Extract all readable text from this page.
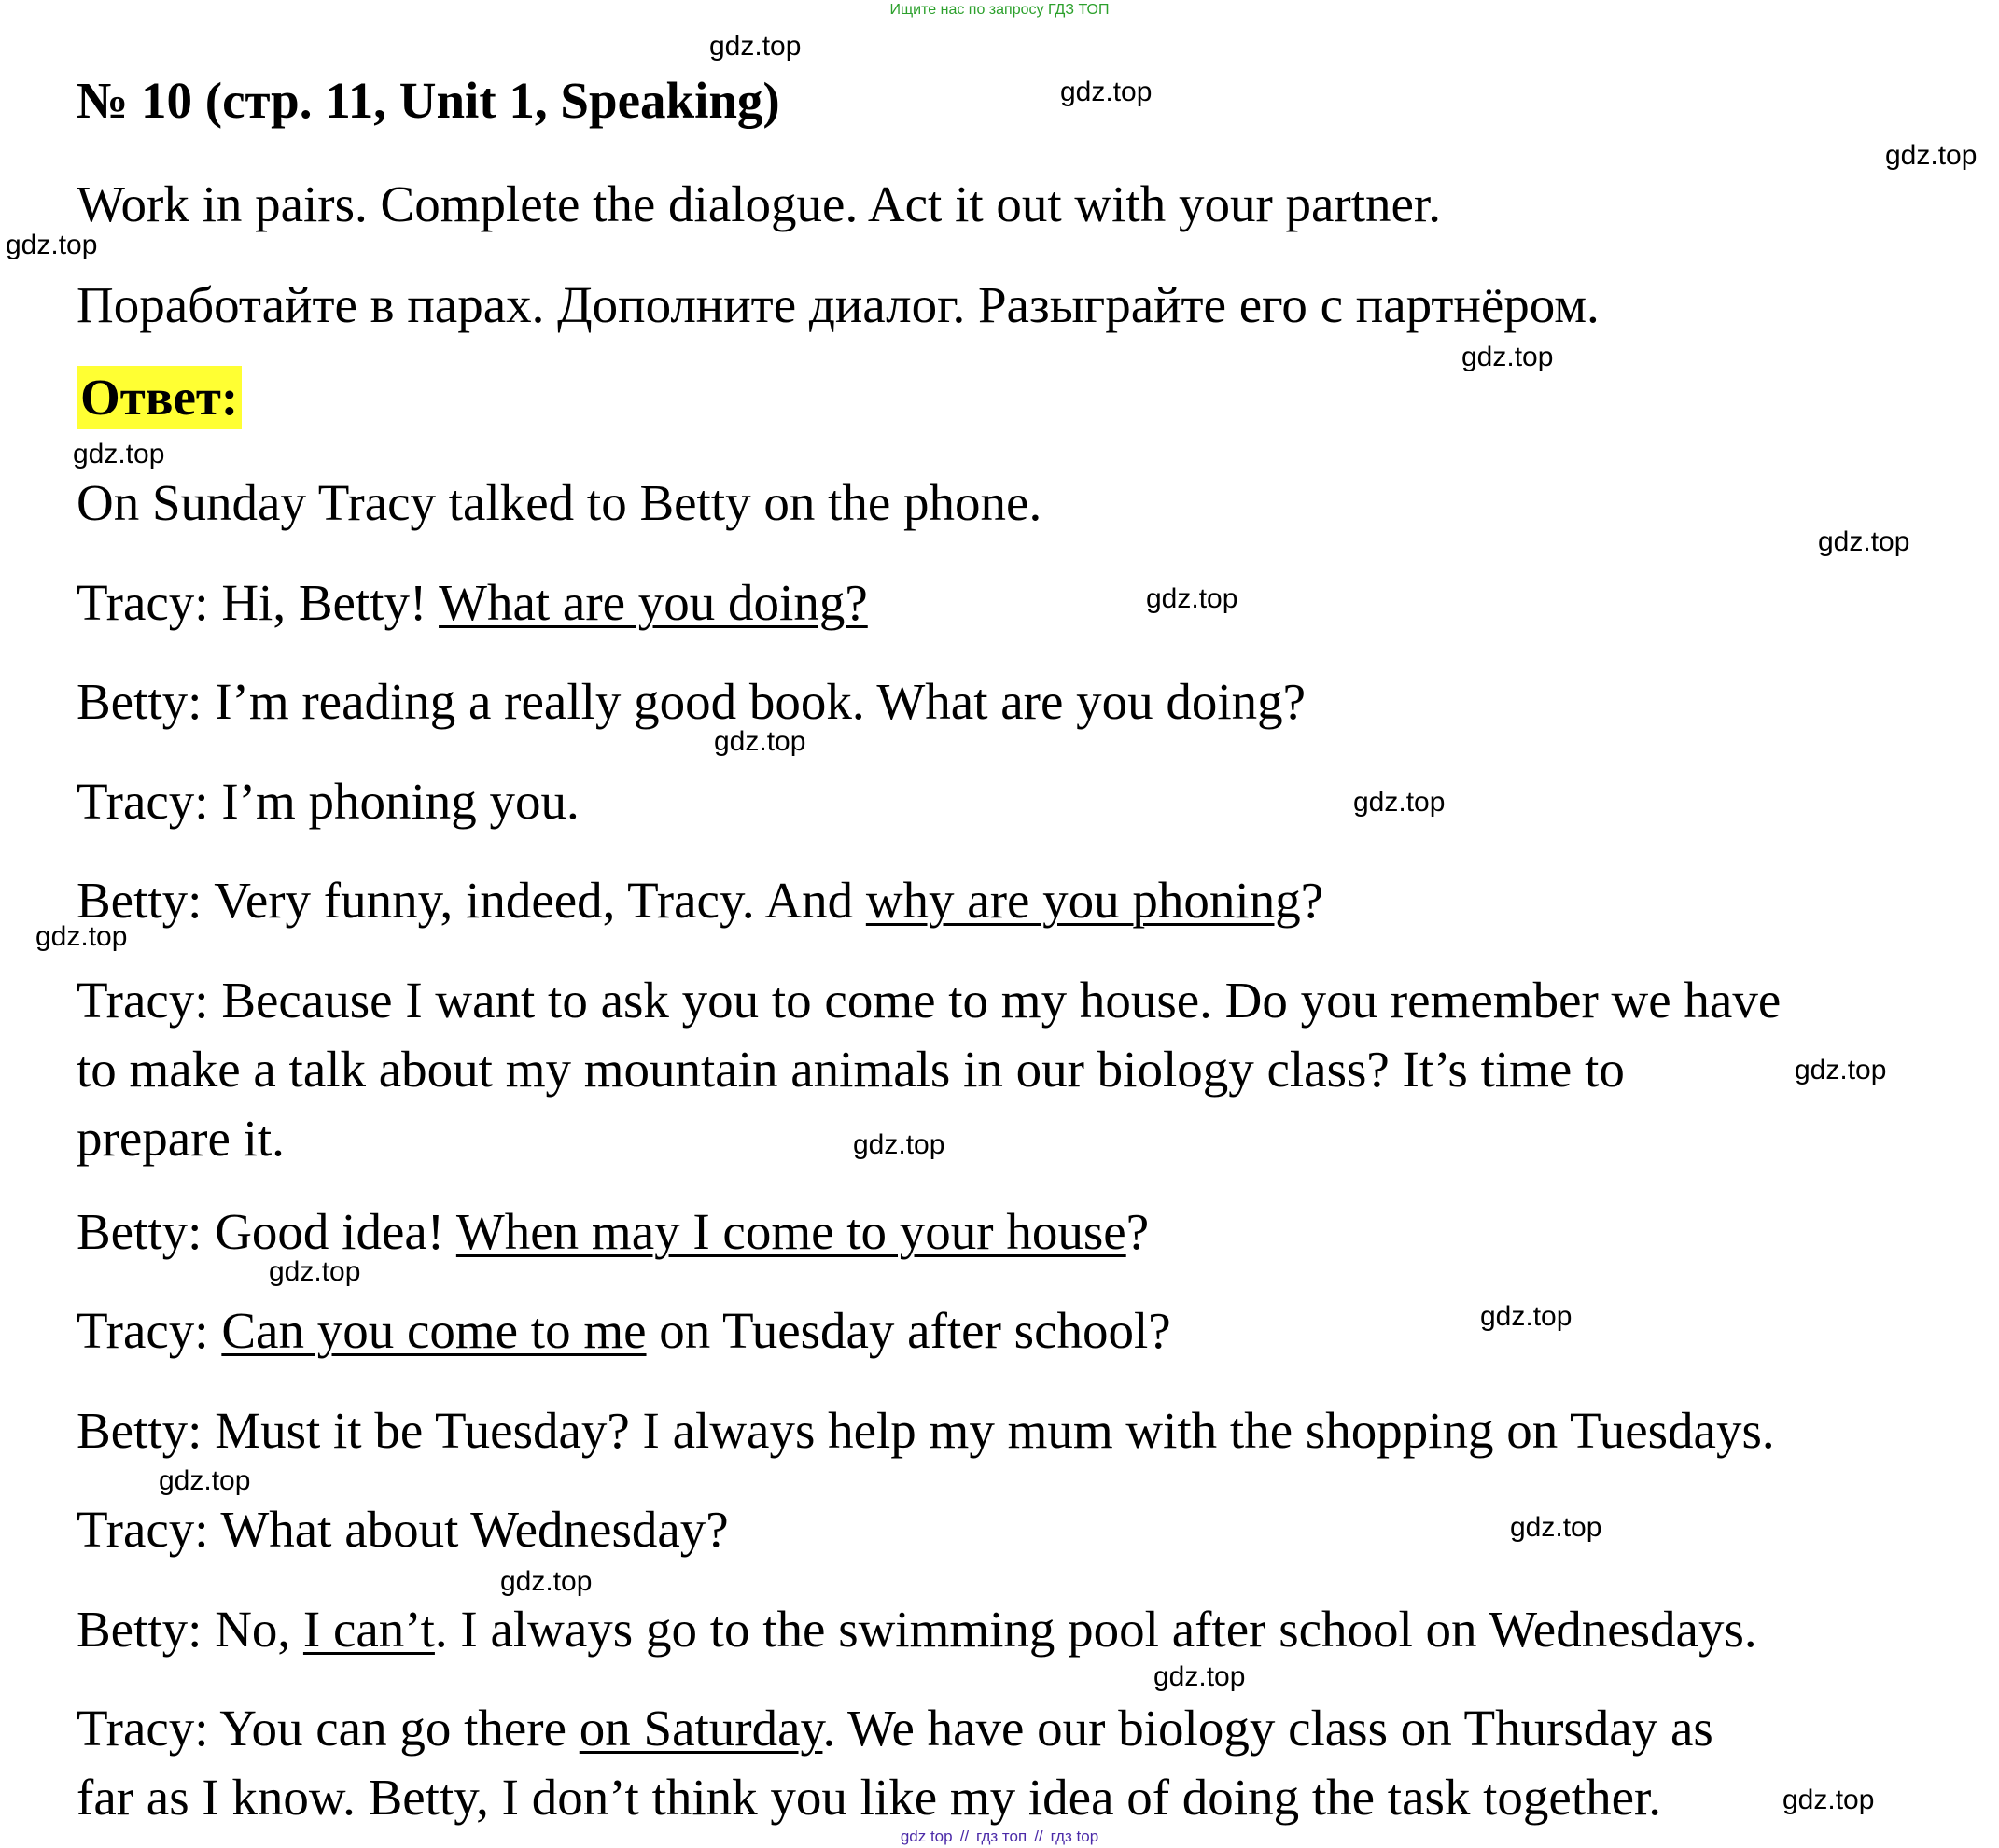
Ищите нас по запросу ГДЗ ТОП
№ 10 (стр. 11, Unit 1, Speaking)
Work in pairs. Complete the dialogue. Act it out with your partner.
Поработайте в парах. Дополните диалог. Разыграйте его с партнёром.
Ответ:
On Sunday Tracy talked to Betty on the phone.
Tracy: Hi, Betty! What are you doing?
Betty: I’m reading a really good book. What are you doing?
Tracy: I’m phoning you.
Betty: Very funny, indeed, Tracy. And why are you phoning?
Tracy: Because I want to ask you to come to my house. Do you remember we have
to make a talk about my mountain animals in our biology class? It’s time to
prepare it.
Betty: Good idea! When may I come to your house?
Tracy: Can you come to me on Tuesday after school?
Betty: Must it be Tuesday? I always help my mum with the shopping on Tuesdays.
Tracy: What about Wednesday?
Betty: No, I can’t. I always go to the swimming pool after school on Wednesdays.
Tracy: You can go there on Saturday. We have our biology class on Thursday as
far as I know. Betty, I don’t think you like my idea of doing the task together.
gdz.top
gdz.top
gdz.top
gdz.top
gdz.top
gdz.top
gdz.top
gdz.top
gdz.top
gdz.top
gdz.top
gdz.top
gdz.top
gdz.top
gdz.top
gdz.top
gdz.top
gdz.top
gdz.top
gdz.top
gdz top // гдз топ // гдз top
